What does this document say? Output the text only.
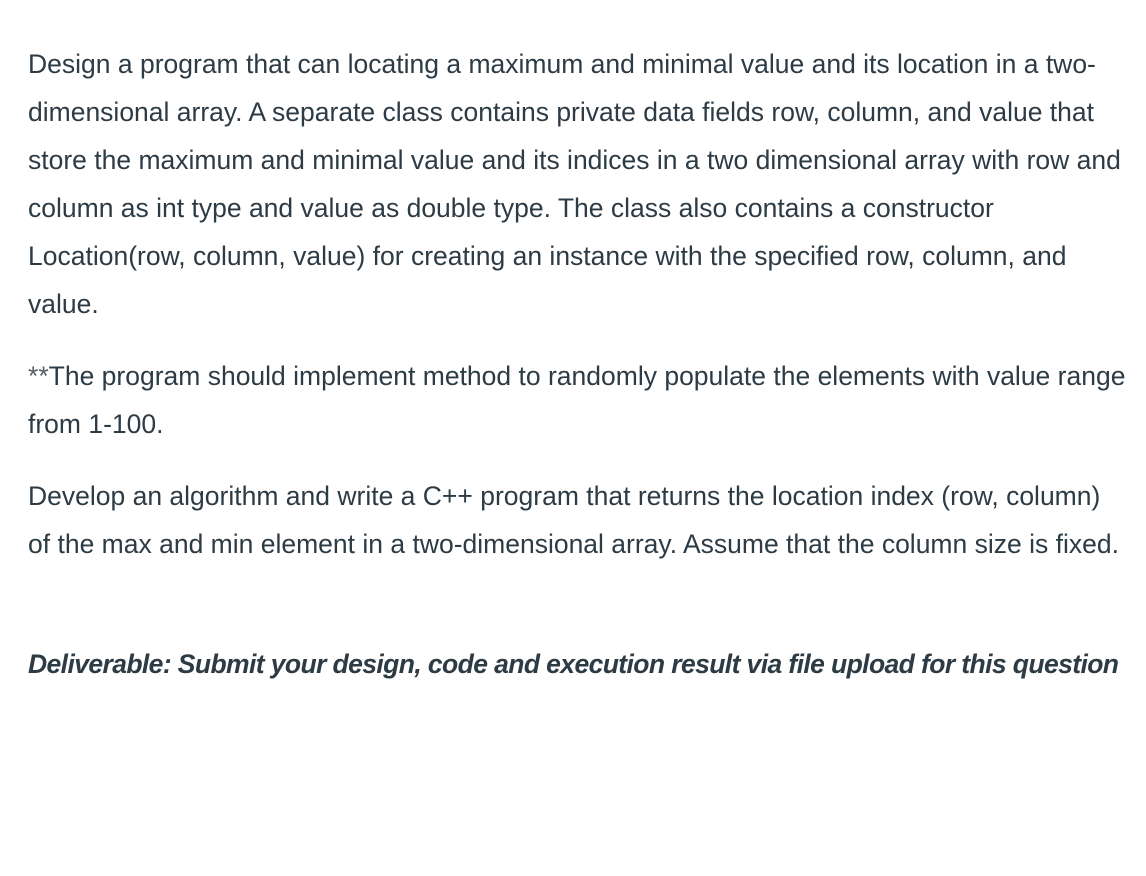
Design a program that can locating a maximum and minimal value and its location in a two-dimensional array. A separate class contains private data fields row, column, and value that store the maximum and minimal value and its indices in a two dimensional array with row and column as int type and value as double type. The class also contains a constructor Location(row, column, value) for creating an instance with the specified row, column, and value.

**The program should implement method to randomly populate the elements with value range from 1-100.

Develop an algorithm and write a C++ program that returns the location index (row, column) of the max and min element in a two-dimensional array. Assume that the column size is fixed.

Deliverable: Submit your design, code and execution result via file upload for this question
